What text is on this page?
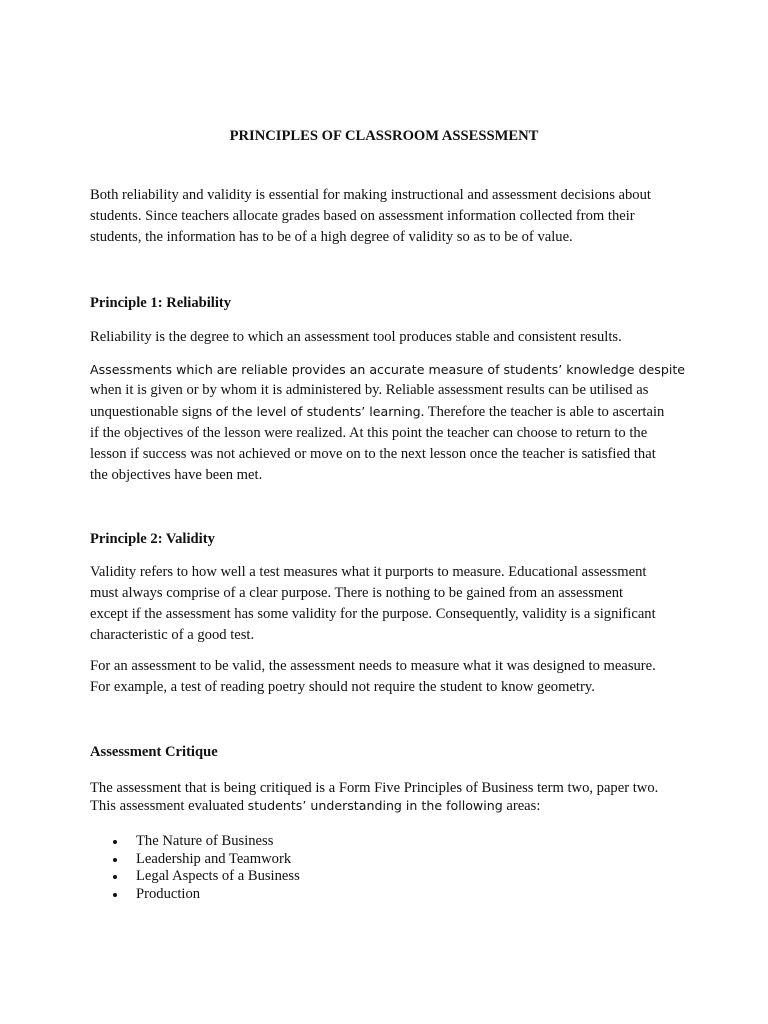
PRINCIPLES OF CLASSROOM ASSESSMENT

Both reliability and validity is essential for making instructional and assessment decisions about
students. Since teachers allocate grades based on assessment information collected from their
students, the information has to be of a high degree of validity so as to be of value.

Principle 1: Reliability

Reliability is the degree to which an assessment tool produces stable and consistent results.

Assessments which are reliable provides an accurate measure of students’ knowledge despite
when it is given or by whom it is administered by. Reliable assessment results can be utilised as
unquestionable signs of the level of students’ learning. Therefore the teacher is able to ascertain
if the objectives of the lesson were realized. At this point the teacher can choose to return to the
lesson if success was not achieved or move on to the next lesson once the teacher is satisfied that
the objectives have been met.

Principle 2: Validity

Validity refers to how well a test measures what it purports to measure. Educational assessment
must always comprise of a clear purpose. There is nothing to be gained from an assessment
except if the assessment has some validity for the purpose. Consequently, validity is a significant
characteristic of a good test.

For an assessment to be valid, the assessment needs to measure what it was designed to measure.
For example, a test of reading poetry should not require the student to know geometry.

Assessment Critique

The assessment that is being critiqued is a Form Five Principles of Business term two, paper two.
This assessment evaluated students’ understanding in the following areas:

The Nature of Business
Leadership and Teamwork
Legal Aspects of a Business
Production
